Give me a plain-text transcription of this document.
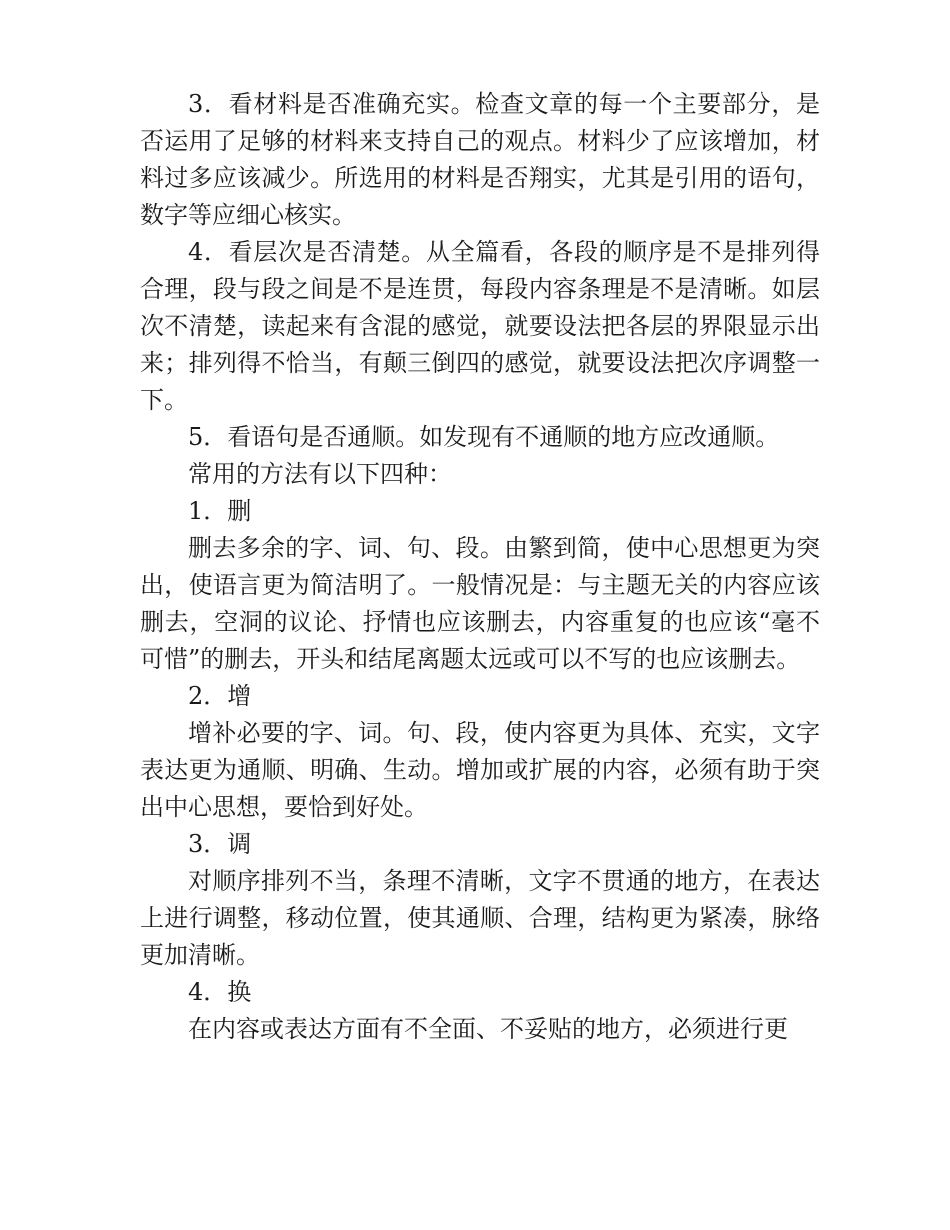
3．看材料是否准确充实。检查文章的每一个主要部分，是否运用了足够的材料来支持自己的观点。材料少了应该增加，材料过多应该减少。所选用的材料是否翔实，尤其是引用的语句，数字等应细心核实。

4．看层次是否清楚。从全篇看，各段的顺序是不是排列得合理，段与段之间是不是连贯，每段内容条理是不是清晰。如层次不清楚，读起来有含混的感觉，就要设法把各层的界限显示出来；排列得不恰当，有颠三倒四的感觉，就要设法把次序调整一下。

5．看语句是否通顺。如发现有不通顺的地方应改通顺。

常用的方法有以下四种：

1．删

删去多余的字、词、句、段。由繁到简，使中心思想更为突出，使语言更为简洁明了。一般情况是：与主题无关的内容应该删去，空洞的议论、抒情也应该删去，内容重复的也应该“毫不可惜”的删去，开头和结尾离题太远或可以不写的也应该删去。

2．增

增补必要的字、词。句、段，使内容更为具体、充实，文字表达更为通顺、明确、生动。增加或扩展的内容，必须有助于突出中心思想，要恰到好处。

3．调

对顺序排列不当，条理不清晰，文字不贯通的地方，在表达上进行调整，移动位置，使其通顺、合理，结构更为紧凑，脉络更加清晰。

4．换

在内容或表达方面有不全面、不妥贴的地方，必须进行更
